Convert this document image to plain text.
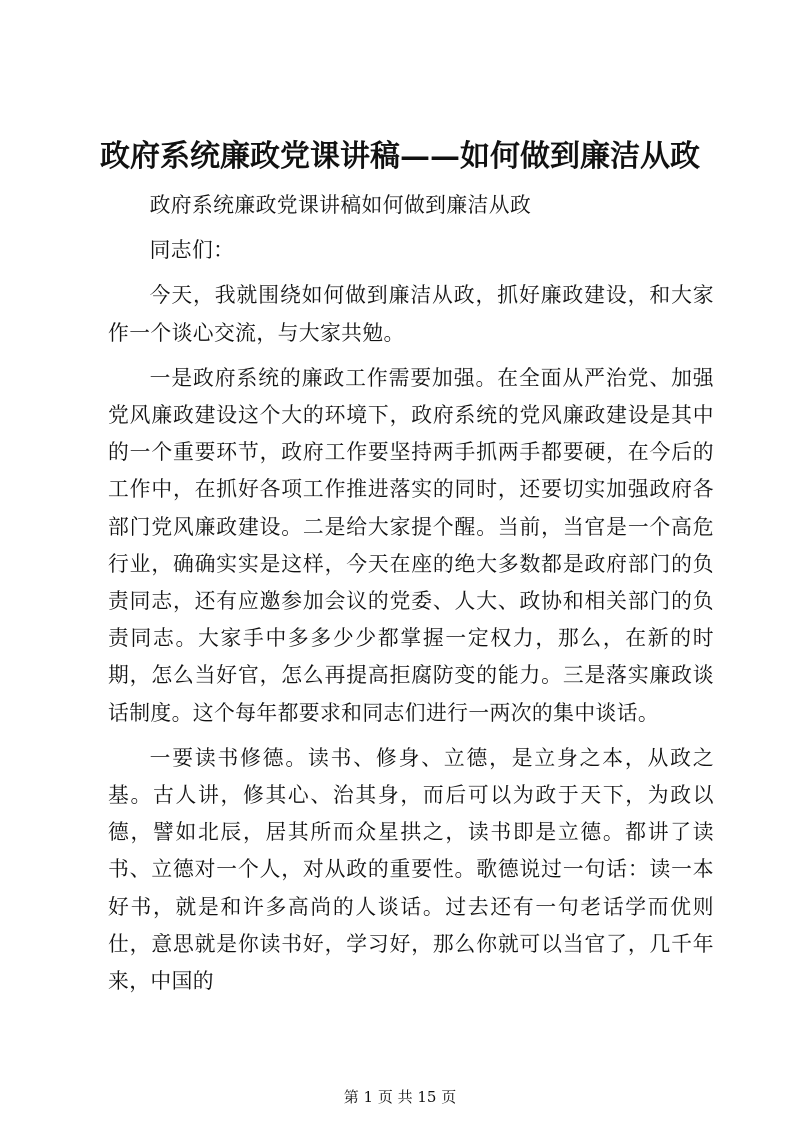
政府系统廉政党课讲稿——如何做到廉洁从政

政府系统廉政党课讲稿如何做到廉洁从政

同志们：

今天，我就围绕如何做到廉洁从政，抓好廉政建设，和大家作一个谈心交流，与大家共勉。

一是政府系统的廉政工作需要加强。在全面从严治党、加强党风廉政建设这个大的环境下，政府系统的党风廉政建设是其中的一个重要环节，政府工作要坚持两手抓两手都要硬，在今后的工作中，在抓好各项工作推进落实的同时，还要切实加强政府各部门党风廉政建设。二是给大家提个醒。当前，当官是一个高危行业，确确实实是这样，今天在座的绝大多数都是政府部门的负责同志，还有应邀参加会议的党委、人大、政协和相关部门的负责同志。大家手中多多少少都掌握一定权力，那么，在新的时期，怎么当好官，怎么再提高拒腐防变的能力。三是落实廉政谈话制度。这个每年都要求和同志们进行一两次的集中谈话。

一要读书修德。读书、修身、立德，是立身之本，从政之基。古人讲，修其心、治其身，而后可以为政于天下，为政以德，譬如北辰，居其所而众星拱之，读书即是立德。都讲了读书、立德对一个人，对从政的重要性。歌德说过一句话：读一本好书，就是和许多高尚的人谈话。过去还有一句老话学而优则仕，意思就是你读书好，学习好，那么你就可以当官了，几千年来，中国的

第 1 页 共 15 页
